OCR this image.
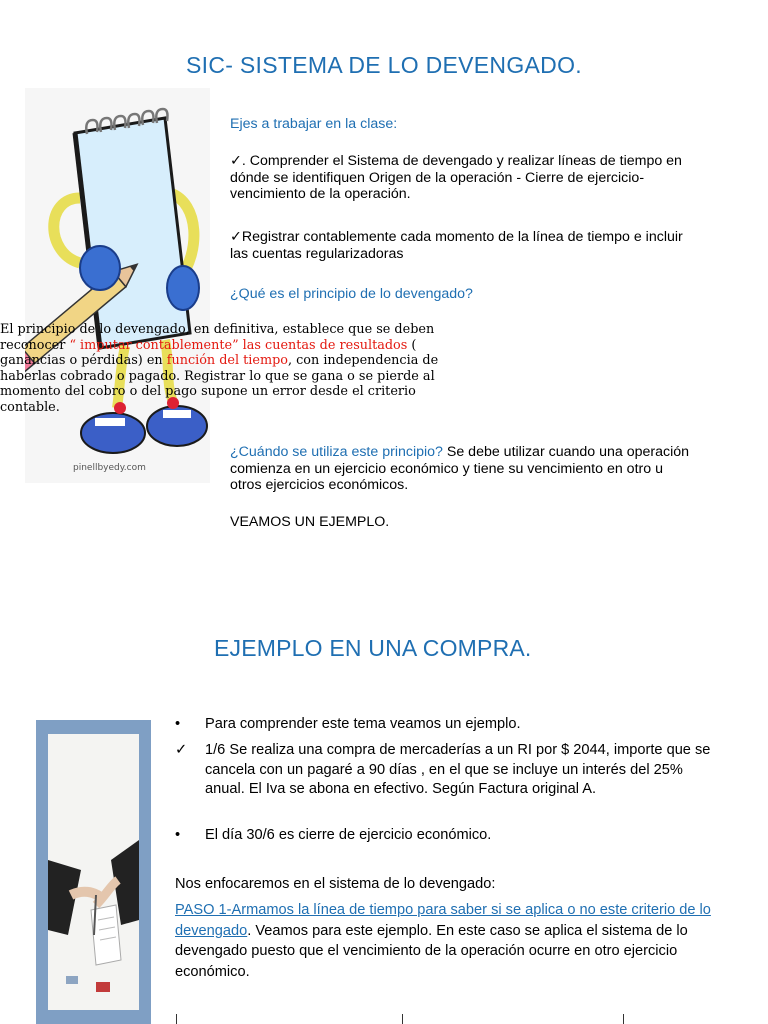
SIC- SISTEMA DE LO DEVENGADO.
pinellbyedy.com
Ejes a trabajar en la clase:
✓. Comprender el Sistema de devengado y realizar líneas de tiempo en dónde se identifiquen Origen de la operación - Cierre de ejercicio- vencimiento de la operación.
✓Registrar contablemente cada momento de la línea de tiempo e incluir las cuentas regularizadoras
¿Qué es el principio de lo devengado?
El principio de lo devengado, en definitiva, establece que se deben reconocer “ imputar contablemente” las cuentas de resultados ( ganancias o pérdidas) en función del tiempo, con independencia de haberlas cobrado o pagado. Registrar lo que se gana o se pierde al momento del cobro o del pago supone un error desde el criterio contable.
¿Cuándo se utiliza este principio? Se debe utilizar cuando una operación comienza en un ejercicio económico y tiene su vencimiento en otro u otros ejercicios económicos.
VEAMOS UN EJEMPLO.
EJEMPLO EN UNA COMPRA.
•	Para comprender este tema veamos un ejemplo.
✓	1/6 Se realiza una compra de mercaderías a un RI por $ 2044, importe que se cancela con un pagaré a 90 días , en el que se incluye un interés del 25% anual. El Iva se abona en efectivo. Según Factura original A.
•	El día 30/6 es cierre de ejercicio económico.
Nos enfocaremos en el sistema de lo devengado:
PASO 1-Armamos la línea de tiempo para saber si se aplica o no este criterio de lo devengado. Veamos para este ejemplo. En este caso se aplica el sistema de lo devengado puesto que el vencimiento de la operación ocurre en otro ejercicio económico.
